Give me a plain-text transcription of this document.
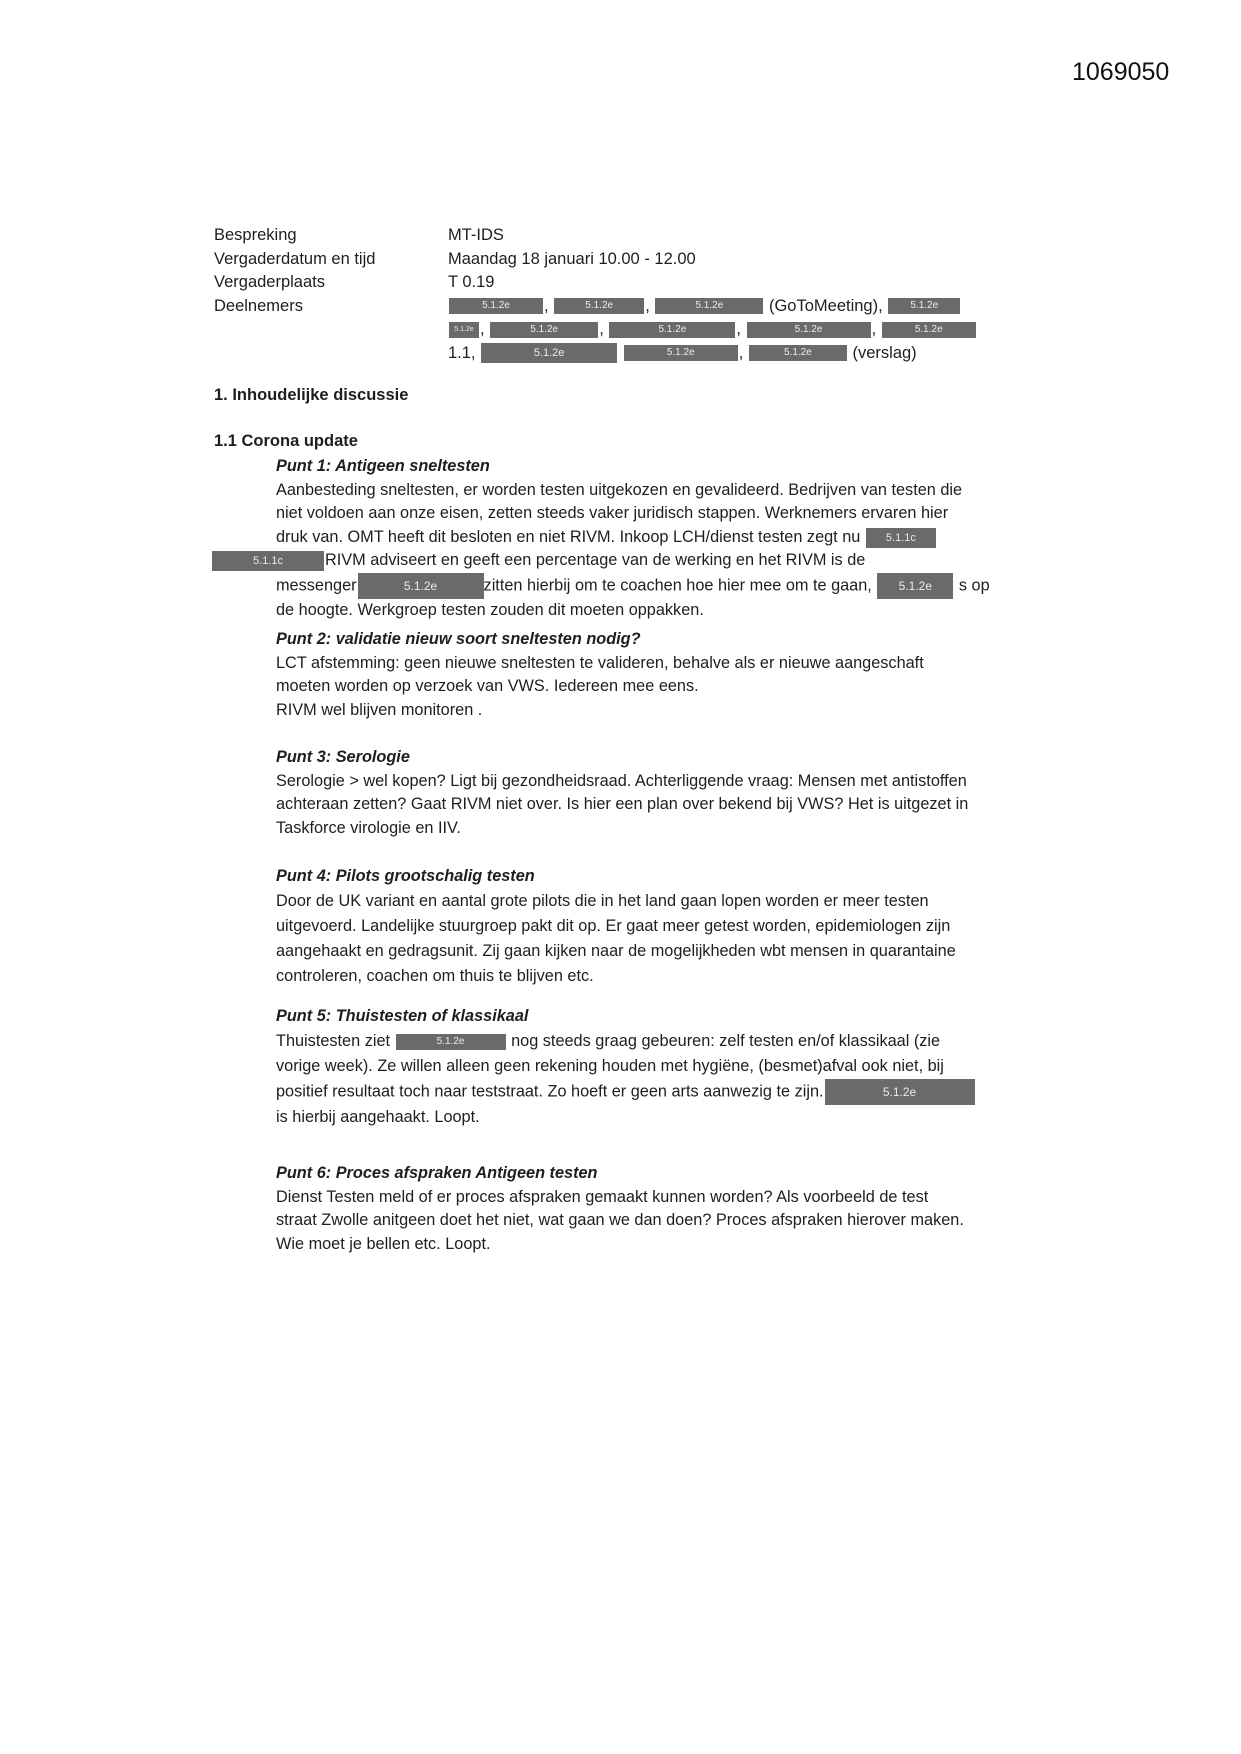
1069050
Bespreking	MT-IDS
Vergaderdatum en tijd	Maandag 18 januari 10.00 - 12.00
Vergaderplaats	T 0.19
Deelnemers	5.1.2e ,	5.1.2e ,	5.1.2e	(GoToMeeting),	5.1.2e
5.1.2e ,	5.1.2e ,	5.1.2e	,	5.1.2e	,	5.1.2e
1.1,	5.1.2e	5.1.2e	,	5.1.2e (verslag)
1. Inhoudelijke discussie
1.1 Corona update

Punt 1: Antigeen sneltesten

Aanbesteding sneltesten, er worden testen uitgekozen en gevalideerd. Bedrijven van testen die

niet voldoen aan onze eisen, zetten steeds vaker juridisch stappen. Werknemers ervaren hier

druk van. OMT heeft dit besloten en niet RIVM. Inkoop LCH/dienst testen zegt nu 5.1.1c

5.1.1c	RIVM adviseert en geeft een percentage van de werking en het RIVM is de

messenger	5.1.2e	zitten hierbij om te coachen hoe hier mee om te gaan, 5.1.2e s op

de hoogte. Werkgroep testen zouden dit moeten oppakken.

Punt 2: validatie nieuw soort sneltesten nodig?

LCT afstemming: geen nieuwe sneltesten te valideren, behalve als er nieuwe aangeschaft

moeten worden op verzoek van VWS. Iedereen mee eens.

RIVM wel blijven monitoren .

Punt 3: Serologie

Serologie > wel kopen? Ligt bij gezondheidsraad. Achterliggende vraag: Mensen met antistoffen

achteraan zetten? Gaat RIVM niet over. Is hier een plan over bekend bij VWS? Het is uitgezet in

Taskforce virologie en IIV.

Punt 4: Pilots grootschalig testen

Door de UK variant en aantal grote pilots die in het land gaan lopen worden er meer testen

uitgevoerd. Landelijke stuurgroep pakt dit op. Er gaat meer getest worden, epidemiologen zijn

aangehaakt en gedragsunit. Zij gaan kijken naar de mogelijkheden wbt mensen in quarantaine

controleren, coachen om thuis te blijven etc.

Punt 5: Thuistesten of klassikaal

Thuistesten ziet	5.1.2e	nog steeds graag gebeuren: zelf testen en/of klassikaal (zie

vorige week). Ze willen alleen geen rekening houden met hygiëne, (besmet)afval ook niet, bij

positief resultaat toch naar teststraat. Zo hoeft er geen arts aanwezig te zijn.	5.1.2e

is hierbij aangehaakt. Loopt.

Punt 6: Proces afspraken Antigeen testen

Dienst Testen meld of er proces afspraken gemaakt kunnen worden? Als voorbeeld de test

straat Zwolle anitgeen doet het niet, wat gaan we dan doen? Proces afspraken hierover maken.

Wie moet je bellen etc. Loopt.
